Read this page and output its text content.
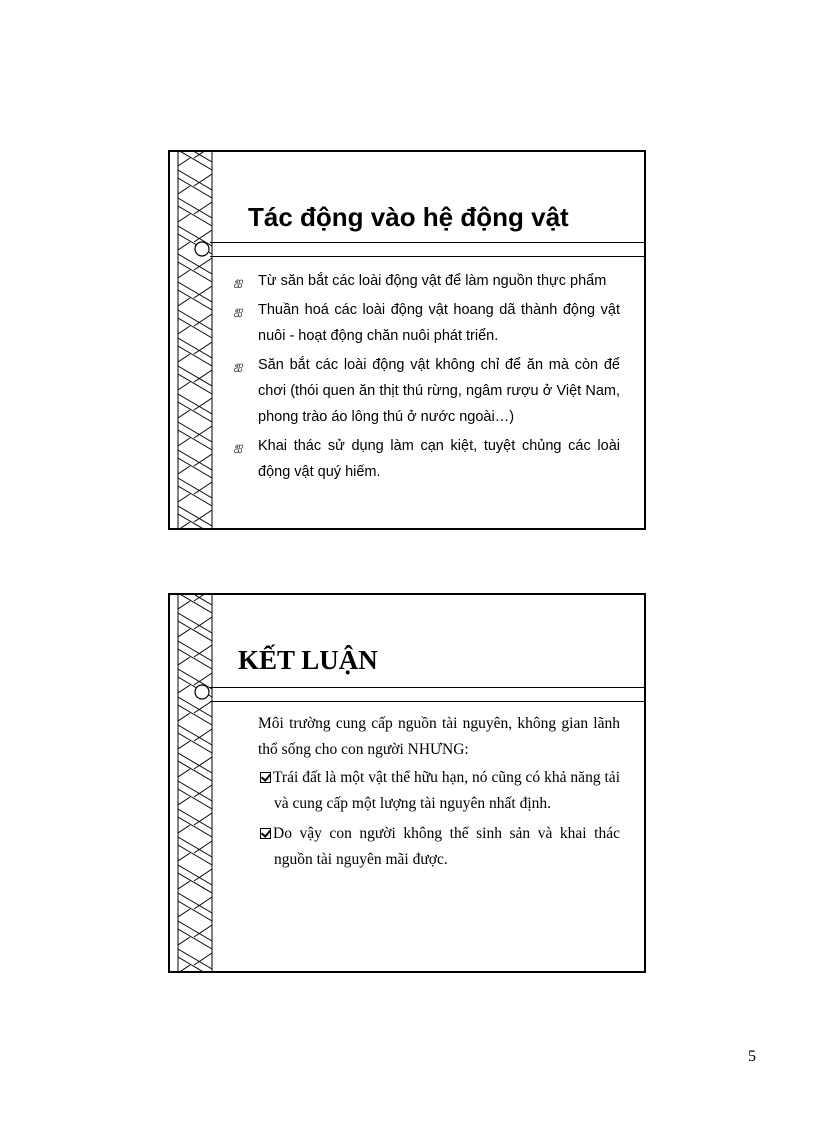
Tác động vào hệ động vật
ஐ Từ săn bắt các loài động vật để làm nguồn thực phẩm
ஐ Thuần hoá các loài động vật hoang dã thành động vật nuôi - hoạt động chăn nuôi phát triển.
ஐ Săn bắt các loài động vật không chỉ để ăn mà còn để chơi (thói quen ăn thịt thú rừng, ngâm rượu ở Việt Nam, phong trào áo lông thú ở nước ngoài…)
ஐ Khai thác sử dụng làm cạn kiệt, tuyệt chủng các loài động vật quý hiếm.
KẾT LUẬN

Môi trường cung cấp nguồn tài nguyên, không gian lãnh thổ sống cho con người NHƯNG:

Trái đất là một vật thể hữu hạn, nó cũng có khả năng tải và cung cấp một lượng tài nguyên nhất định.
Do vậy con người không thể sinh sản và khai thác nguồn tài nguyên mãi được.
5
